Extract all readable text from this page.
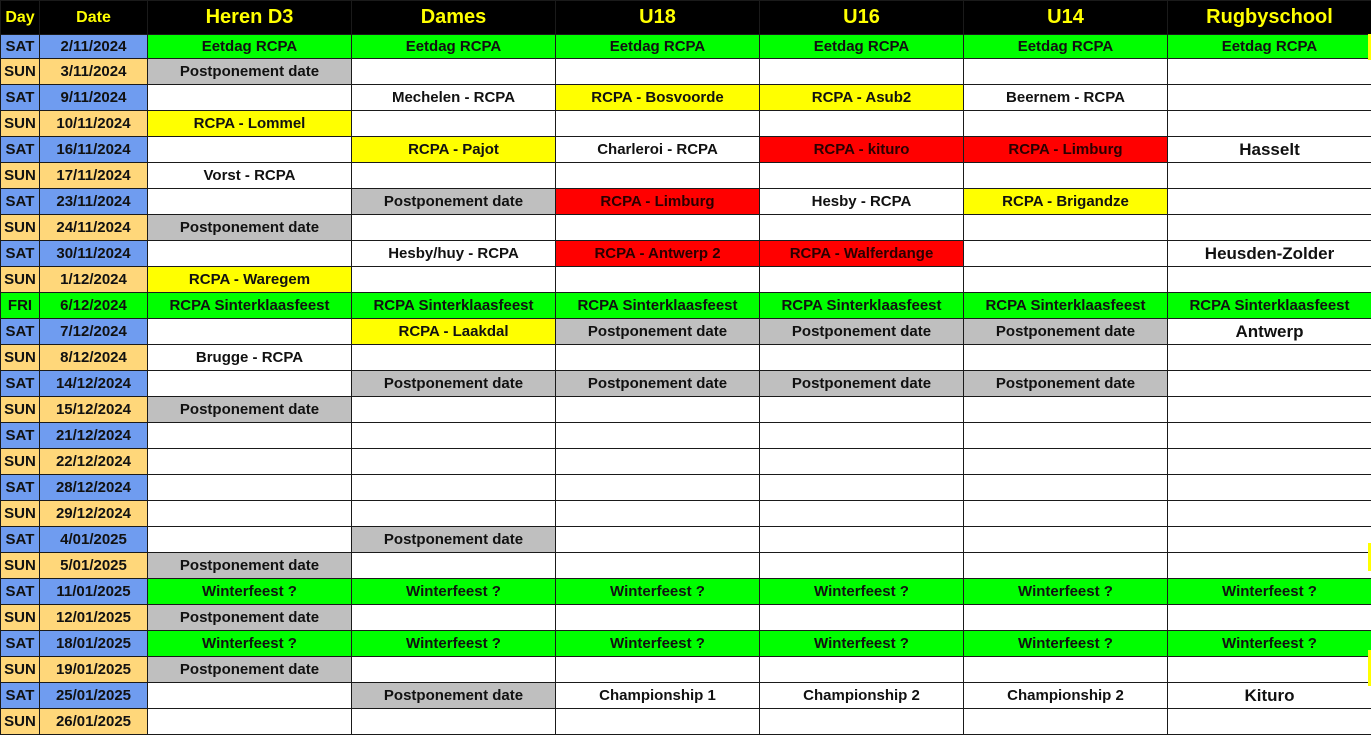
Day	Date	Heren D3	Dames	U18	U16	U14	Rugbyschool
SAT	2/11/2024	Eetdag RCPA	Eetdag RCPA	Eetdag RCPA	Eetdag RCPA	Eetdag RCPA	Eetdag RCPA
SUN	3/11/2024	Postponement date					
SAT	9/11/2024		Mechelen - RCPA	RCPA - Bosvoorde	RCPA - Asub2	Beernem - RCPA	
SUN	10/11/2024	RCPA - Lommel					
SAT	16/11/2024		RCPA - Pajot	Charleroi - RCPA	RCPA - kituro	RCPA - Limburg	Hasselt
SUN	17/11/2024	Vorst - RCPA					
SAT	23/11/2024		Postponement date	RCPA - Limburg	Hesby - RCPA	RCPA - Brigandze	
SUN	24/11/2024	Postponement date					
SAT	30/11/2024		Hesby/huy - RCPA	RCPA - Antwerp 2	RCPA - Walferdange		Heusden-Zolder
SUN	1/12/2024	RCPA - Waregem					
FRI	6/12/2024	RCPA Sinterklaasfeest	RCPA Sinterklaasfeest	RCPA Sinterklaasfeest	RCPA Sinterklaasfeest	RCPA Sinterklaasfeest	RCPA Sinterklaasfeest
SAT	7/12/2024		RCPA - Laakdal	Postponement date	Postponement date	Postponement date	Antwerp
SUN	8/12/2024	Brugge - RCPA					
SAT	14/12/2024		Postponement date	Postponement date	Postponement date	Postponement date	
SUN	15/12/2024	Postponement date					
SAT	21/12/2024						
SUN	22/12/2024						
SAT	28/12/2024						
SUN	29/12/2024						
SAT	4/01/2025		Postponement date				
SUN	5/01/2025	Postponement date					
SAT	11/01/2025	Winterfeest ?	Winterfeest ?	Winterfeest ?	Winterfeest ?	Winterfeest ?	Winterfeest ?
SUN	12/01/2025	Postponement date					
SAT	18/01/2025	Winterfeest ?	Winterfeest ?	Winterfeest ?	Winterfeest ?	Winterfeest ?	Winterfeest ?
SUN	19/01/2025	Postponement date					
SAT	25/01/2025		Postponement date	Championship 1	Championship 2	Championship 2	Kituro
SUN	26/01/2025						
